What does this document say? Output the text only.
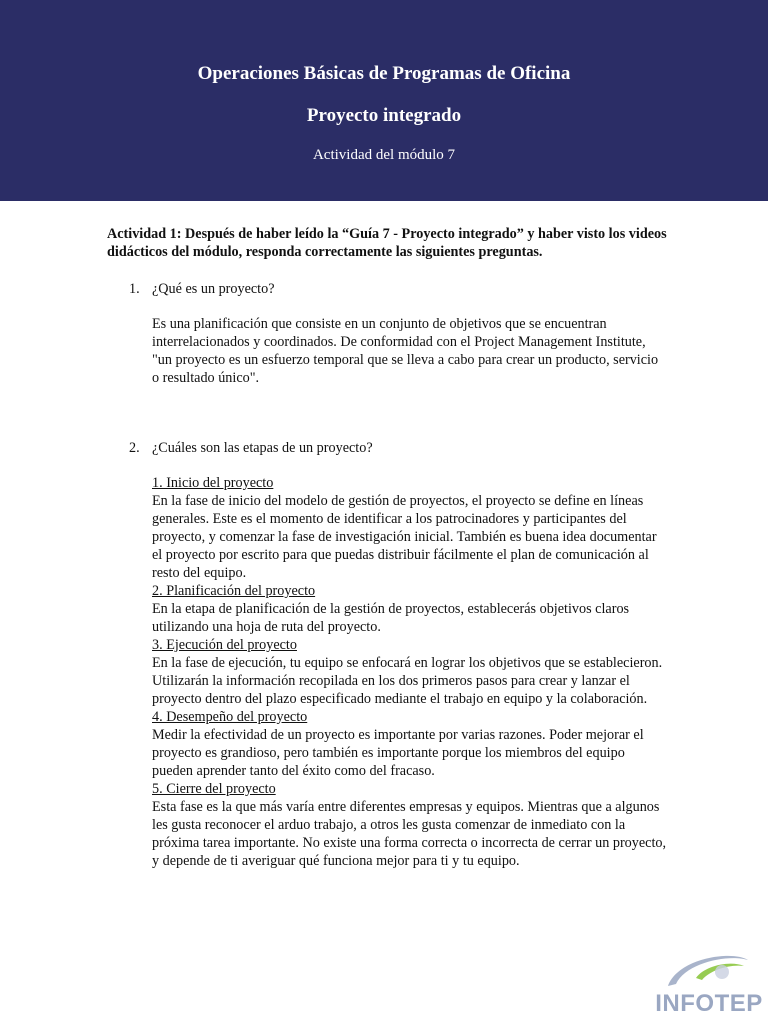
Operaciones Básicas de Programas de Oficina
Proyecto integrado
Actividad del módulo 7

Actividad 1: Después de haber leído la “Guía 7 - Proyecto integrado” y haber visto los videos didácticos del módulo, responda correctamente las siguientes preguntas.

1. ¿Qué es un proyecto?

Es una planificación que consiste en un conjunto de objetivos que se encuentran interrelacionados y coordinados. De conformidad con el Project Management Institute, "un proyecto es un esfuerzo temporal que se lleva a cabo para crear un producto, servicio o resultado único".

2. ¿Cuáles son las etapas de un proyecto?

1. Inicio del proyecto

En la fase de inicio del modelo de gestión de proyectos, el proyecto se define en líneas generales. Este es el momento de identificar a los patrocinadores y participantes del proyecto, y comenzar la fase de investigación inicial. También es buena idea documentar el proyecto por escrito para que puedas distribuir fácilmente el plan de comunicación al resto del equipo.

2. Planificación del proyecto

En la etapa de planificación de la gestión de proyectos, establecerás objetivos claros utilizando una hoja de ruta del proyecto.

3. Ejecución del proyecto

En la fase de ejecución, tu equipo se enfocará en lograr los objetivos que se establecieron. Utilizarán la información recopilada en los dos primeros pasos para crear y lanzar el proyecto dentro del plazo especificado mediante el trabajo en equipo y la colaboración.

4. Desempeño del proyecto

Medir la efectividad de un proyecto es importante por varias razones. Poder mejorar el proyecto es grandioso, pero también es importante porque los miembros del equipo pueden aprender tanto del éxito como del fracaso.

5. Cierre del proyecto

Esta fase es la que más varía entre diferentes empresas y equipos. Mientras que a algunos les gusta reconocer el arduo trabajo, a otros les gusta comenzar de inmediato con la próxima tarea importante. No existe una forma correcta o incorrecta de cerrar un proyecto, y depende de ti averiguar qué funciona mejor para ti y tu equipo.

INFOTEP
